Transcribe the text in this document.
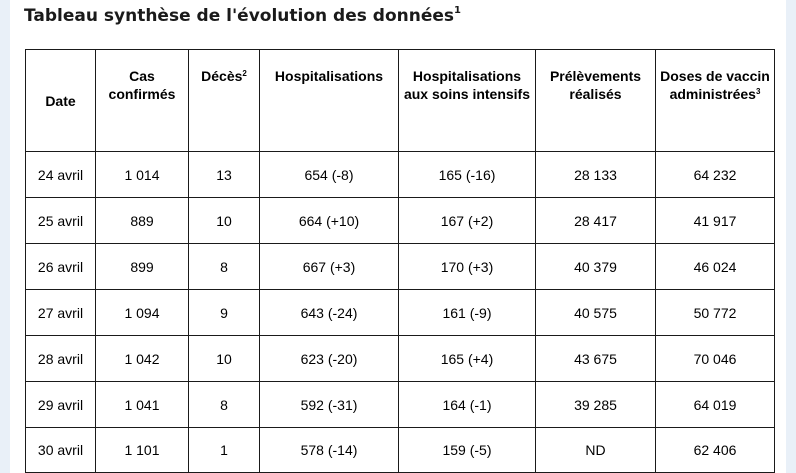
Tableau synthèse de l'évolution des données$^1$
Date	Cas confirmés	Décès$^2$	Hospitalisations	Hospitalisations aux soins intensifs	Prélèvements réalisés	Doses de vaccin administrées$^3$
24 avril	1 014	13	654 (-8)	165 (-16)	28 133	64 232
25 avril	889	10	664 (+10)	167 (+2)	28 417	41 917
26 avril	899	8	667 (+3)	170 (+3)	40 379	46 024
27 avril	1 094	9	643 (-24)	161 (-9)	40 575	50 772
28 avril	1 042	10	623 (-20)	165 (+4)	43 675	70 046
29 avril	1 041	8	592 (-31)	164 (-1)	39 285	64 019
30 avril	1 101	1	578 (-14)	159 (-5)	ND	62 406
